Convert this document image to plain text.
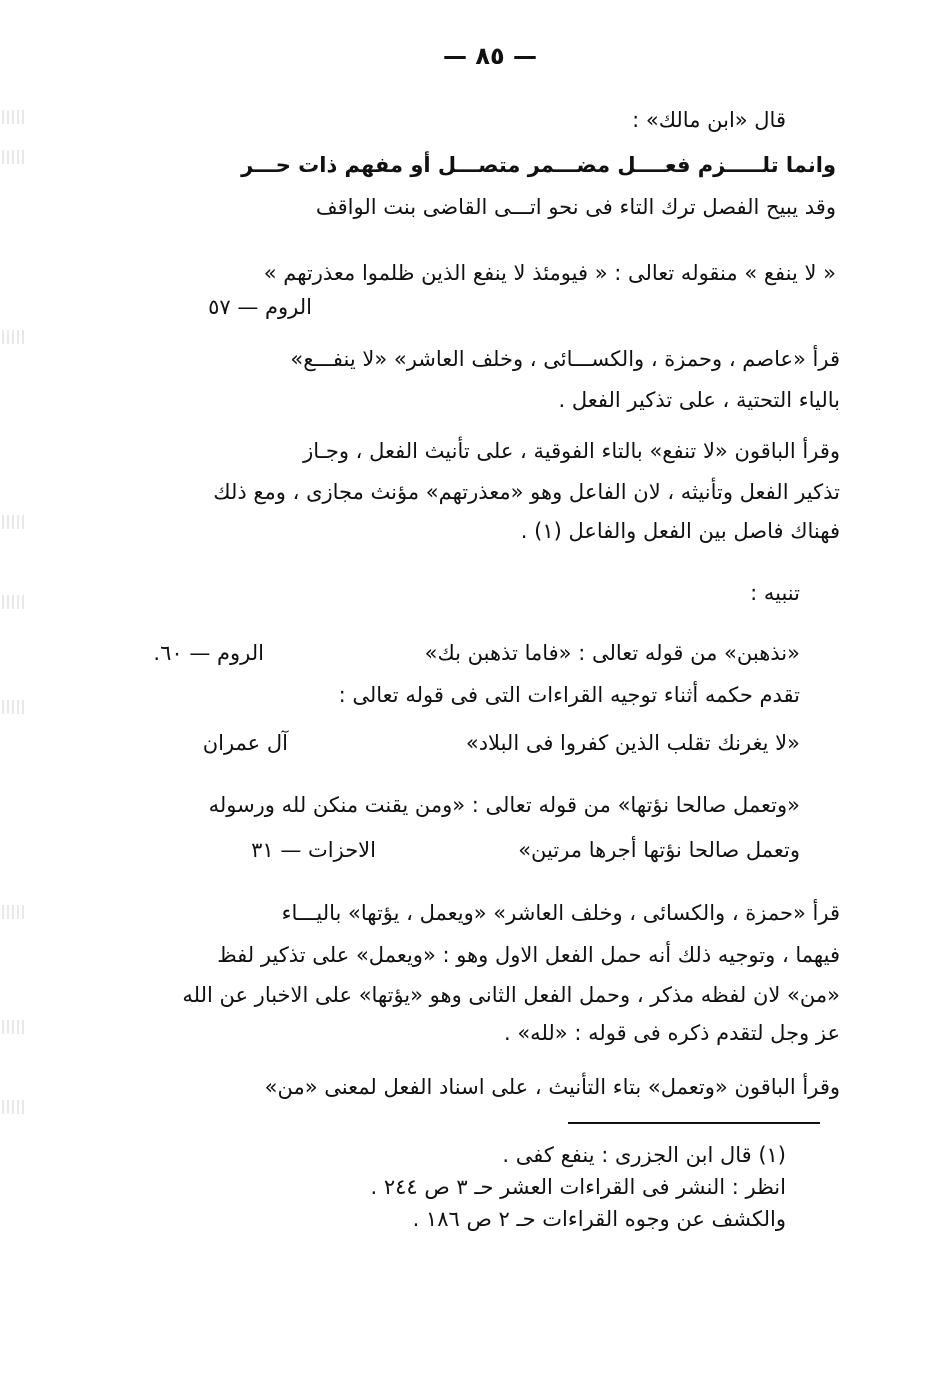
— ٨٥ —
قال «ابن مالك» :
وانما تلـــــزم فعــــل مضـــمر متصـــل أو مفهم ذات حـــر
وقد يبيح الفصل ترك التاء فى نحو اتـــى القاضى بنت الواقف
« لا ينفع » منقوله تعالى : « فيومئذ لا ينفع الذين ظلموا معذرتهم »
الروم — ٥٧
قرأ «عاصم ، وحمزة ، والكســـائى ، وخلف العاشر» «لا ينفـــع»
بالياء التحتية ، على تذكير الفعل .
وقرأ الباقون «لا تنفع» بالتاء الفوقية ، على تأنيث الفعل ، وجـاز
تذكير الفعل وتأنيثه ، لان الفاعل وهو «معذرتهم» مؤنث مجازى ، ومع ذلك
فهناك فاصل بين الفعل والفاعل (١) .
تنبيه :
«نذهبن» من قوله تعالى : «فاما تذهبن بك»
الروم — ٦٠.
تقدم حكمه أثناء توجيه القراءات التى فى قوله تعالى :
«لا يغرنك تقلب الذين كفروا فى البلاد»
آل عمران
«وتعمل صالحا نؤتها» من قوله تعالى : «ومن يقنت منكن لله ورسوله
وتعمل صالحا نؤتها أجرها مرتين»
الاحزات — ٣١
قرأ «حمزة ، والكسائى ، وخلف العاشر» «ويعمل ، يؤتها» باليـــاء
فيهما ، وتوجيه ذلك أنه حمل الفعل الاول وهو : «ويعمل» على تذكير لفظ
«من» لان لفظه مذكر ، وحمل الفعل الثانى وهو «يؤتها» على الاخبار عن الله
عز وجل لتقدم ذكره فى قوله : «لله» .
وقرأ الباقون «وتعمل» بتاء التأنيث ، على اسناد الفعل لمعنى «من»
(١) قال ابن الجزرى : ينفع كفى .
انظر : النشر فى القراءات العشر حـ ٣ ص ٢٤٤ .
والكشف عن وجوه القراءات حـ ٢ ص ١٨٦ .
